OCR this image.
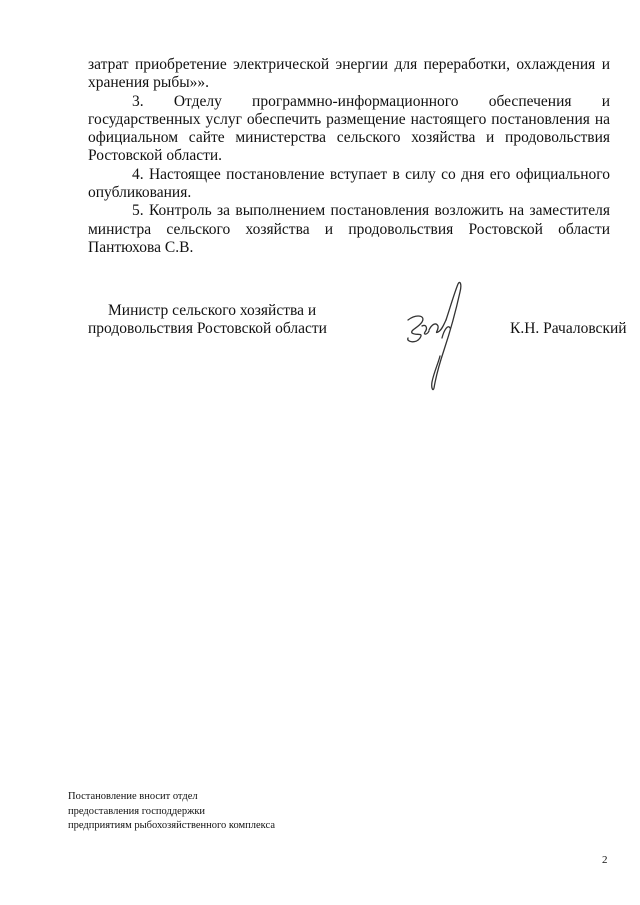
затрат приобретение электрической энергии для переработки, охлаждения и хранения рыбы»».

3. Отделу программно-информационного обеспечения и государственных услуг обеспечить размещение настоящего постановления на официальном сайте министерства сельского хозяйства и продовольствия Ростовской области.

4. Настоящее постановление вступает в силу со дня его официального опубликования.

5. Контроль за выполнением постановления возложить на заместителя министра сельского хозяйства и продовольствия Ростовской области Пантюхова С.В.

Министр сельского хозяйства и
продовольствия Ростовской области	К.Н. Рачаловский
Постановление вносит отдел
предоставления господдержки
предприятиям рыбохозяйственного комплекса
2
